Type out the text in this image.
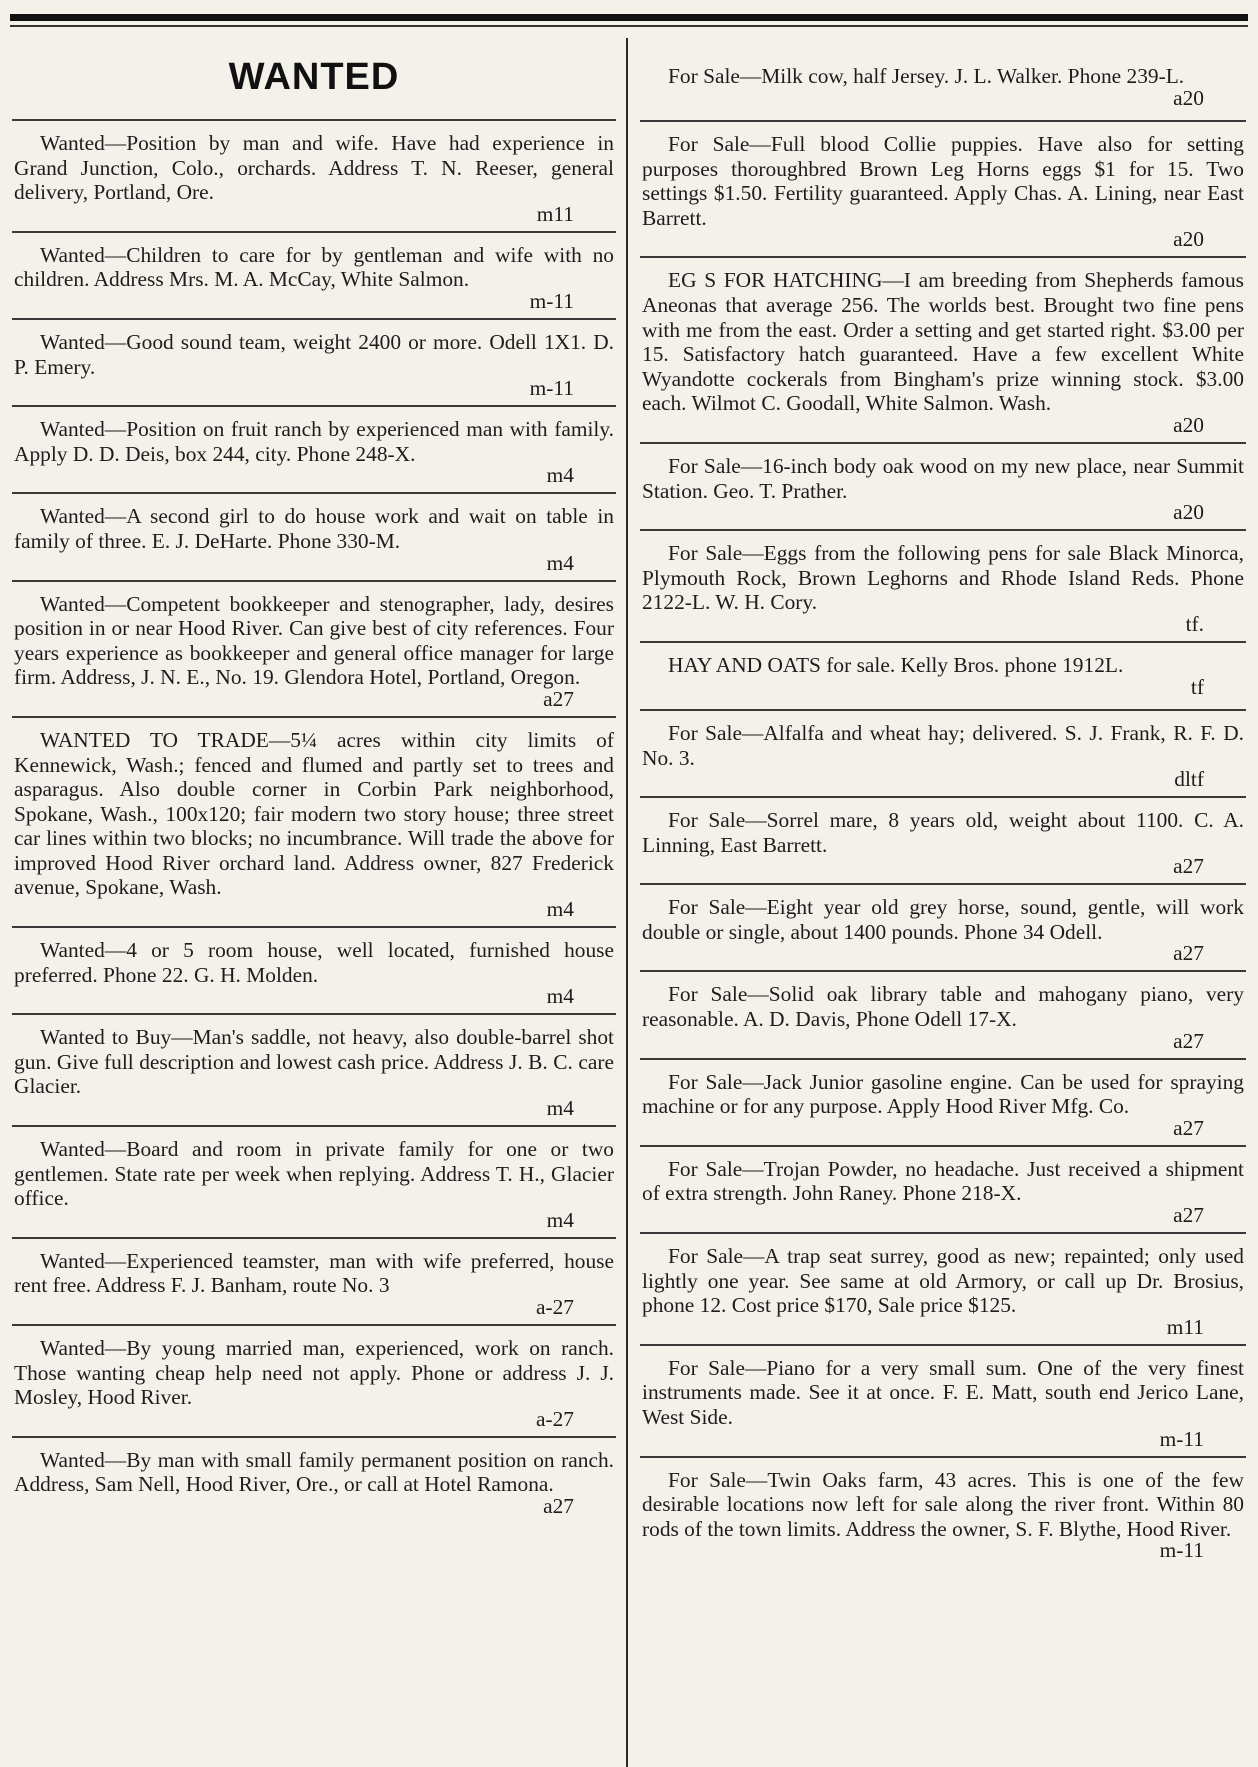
WANTED
Wanted—Position by man and wife. Have had experience in Grand Junction, Colo., orchards. Address T. N. Reeser, general delivery, Portland, Ore.
m11
Wanted—Children to care for by gentleman and wife with no children. Address Mrs. M. A. McCay, White Salmon.
m-11
Wanted—Good sound team, weight 2400 or more. Odell 1X1. D. P. Emery.
m-11
Wanted—Position on fruit ranch by experienced man with family. Apply D. D. Deis, box 244, city. Phone 248-X.
m4
Wanted—A second girl to do house work and wait on table in family of three. E. J. DeHarte. Phone 330-M.
m4
Wanted—Competent bookkeeper and stenographer, lady, desires position in or near Hood River. Can give best of city references. Four years experience as bookkeeper and general office manager for large firm. Address, J. N. E., No. 19. Glendora Hotel, Portland, Oregon.
a27
WANTED TO TRADE—5¼ acres within city limits of Kennewick, Wash.; fenced and flumed and partly set to trees and asparagus. Also double corner in Corbin Park neighborhood, Spokane, Wash., 100x120; fair modern two story house; three street car lines within two blocks; no incumbrance. Will trade the above for improved Hood River orchard land. Address owner, 827 Frederick avenue, Spokane, Wash.
m4
Wanted—4 or 5 room house, well located, furnished house preferred. Phone 22. G. H. Molden.
m4
Wanted to Buy—Man's saddle, not heavy, also double-barrel shot gun. Give full description and lowest cash price. Address J. B. C. care Glacier.
m4
Wanted—Board and room in private family for one or two gentlemen. State rate per week when replying. Address T. H., Glacier office.
m4
Wanted—Experienced teamster, man with wife preferred, house rent free. Address F. J. Banham, route No. 3
a-27
Wanted—By young married man, experienced, work on ranch. Those wanting cheap help need not apply. Phone or address J. J. Mosley, Hood River.
a-27
Wanted—By man with small family permanent position on ranch. Address, Sam Nell, Hood River, Ore., or call at Hotel Ramona.
a27
For Sale—Milk cow, half Jersey. J. L. Walker. Phone 239-L.
a20
For Sale—Full blood Collie puppies. Have also for setting purposes thoroughbred Brown Leg Horns eggs $1 for 15. Two settings $1.50. Fertility guaranteed. Apply Chas. A. Lining, near East Barrett.
a20
EG S FOR HATCHING—I am breeding from Shepherds famous Aneonas that average 256. The worlds best. Brought two fine pens with me from the east. Order a setting and get started right. $3.00 per 15. Satisfactory hatch guaranteed. Have a few excellent White Wyandotte cockerals from Bingham's prize winning stock. $3.00 each. Wilmot C. Goodall, White Salmon. Wash.
a20
For Sale—16-inch body oak wood on my new place, near Summit Station. Geo. T. Prather.
a20
For Sale—Eggs from the following pens for sale Black Minorca, Plymouth Rock, Brown Leghorns and Rhode Island Reds. Phone 2122-L. W. H. Cory.
tf.
HAY AND OATS for sale. Kelly Bros. phone 1912L.
tf
For Sale—Alfalfa and wheat hay; delivered. S. J. Frank, R. F. D. No. 3.
dltf
For Sale—Sorrel mare, 8 years old, weight about 1100. C. A. Linning, East Barrett.
a27
For Sale—Eight year old grey horse, sound, gentle, will work double or single, about 1400 pounds. Phone 34 Odell.
a27
For Sale—Solid oak library table and mahogany piano, very reasonable. A. D. Davis, Phone Odell 17-X.
a27
For Sale—Jack Junior gasoline engine. Can be used for spraying machine or for any purpose. Apply Hood River Mfg. Co.
a27
For Sale—Trojan Powder, no headache. Just received a shipment of extra strength. John Raney. Phone 218-X.
a27
For Sale—A trap seat surrey, good as new; repainted; only used lightly one year. See same at old Armory, or call up Dr. Brosius, phone 12. Cost price $170, Sale price $125.
m11
For Sale—Piano for a very small sum. One of the very finest instruments made. See it at once. F. E. Matt, south end Jerico Lane, West Side.
m-11
For Sale—Twin Oaks farm, 43 acres. This is one of the few desirable locations now left for sale along the river front. Within 80 rods of the town limits. Address the owner, S. F. Blythe, Hood River.
m-11
